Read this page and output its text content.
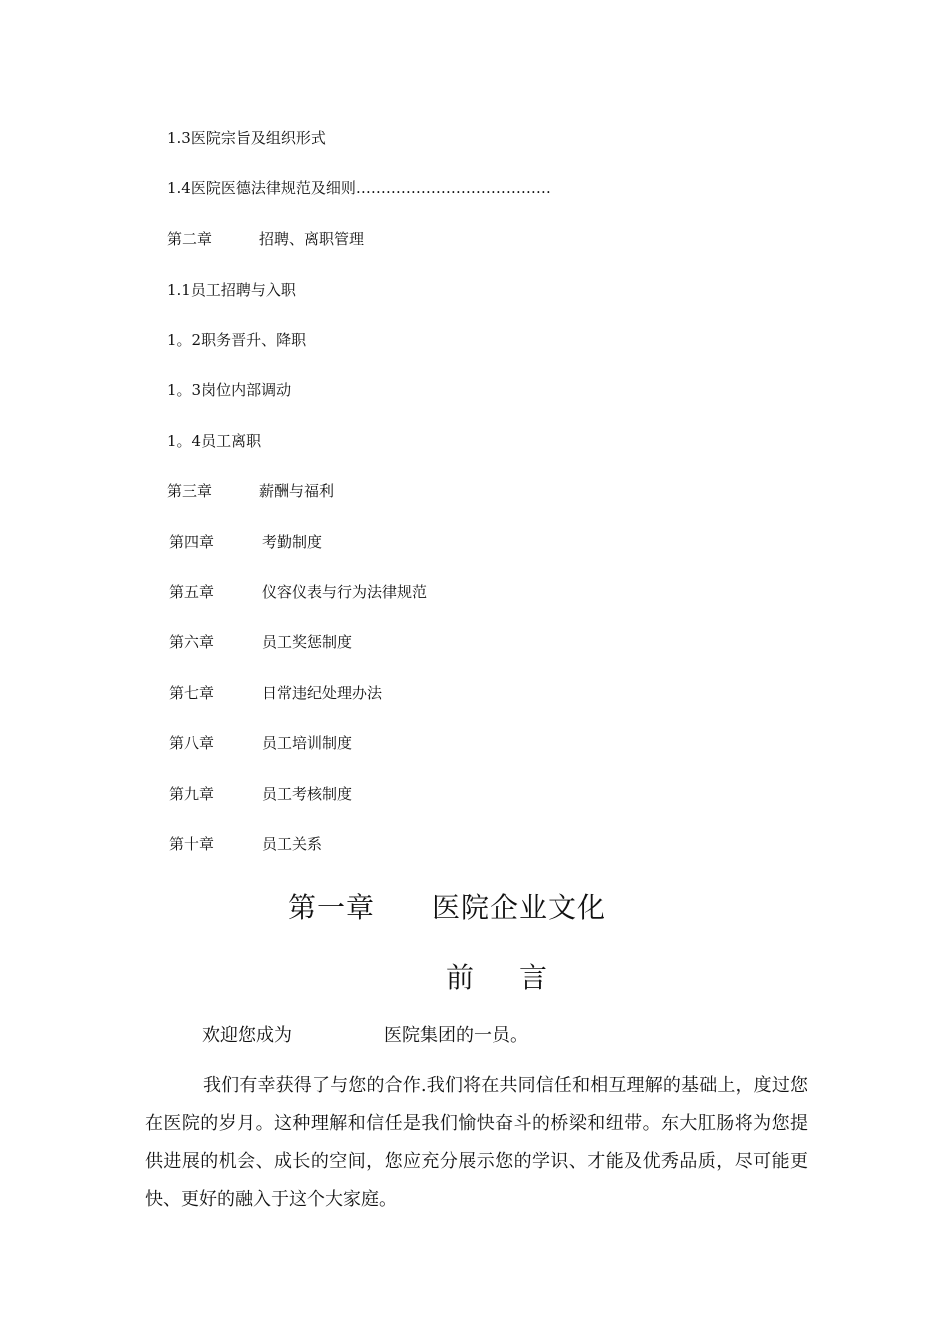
1.3医院宗旨及组织形式
1.4医院医德法律规范及细则…………………………………
第二章	招聘、离职管理
1.1员工招聘与入职
1。2职务晋升、降职
1。3岗位内部调动
1。4员工离职
第三章	薪酬与福利
第四章	考勤制度
第五章	仪容仪表与行为法律规范
第六章	员工奖惩制度
第七章	日常违纪处理办法
第八章	员工培训制度
第九章	员工考核制度
第十章	员工关系
第一章 医院企业文化
前 言
欢迎您成为	医院集团的一员。
我们有幸获得了与您的合作.我们将在共同信任和相互理解的基础上，度过您在医院的岁月。这种理解和信任是我们愉快奋斗的桥梁和纽带。东大肛肠将为您提供进展的机会、成长的空间，您应充分展示您的学识、才能及优秀品质，尽可能更快、更好的融入于这个大家庭。
